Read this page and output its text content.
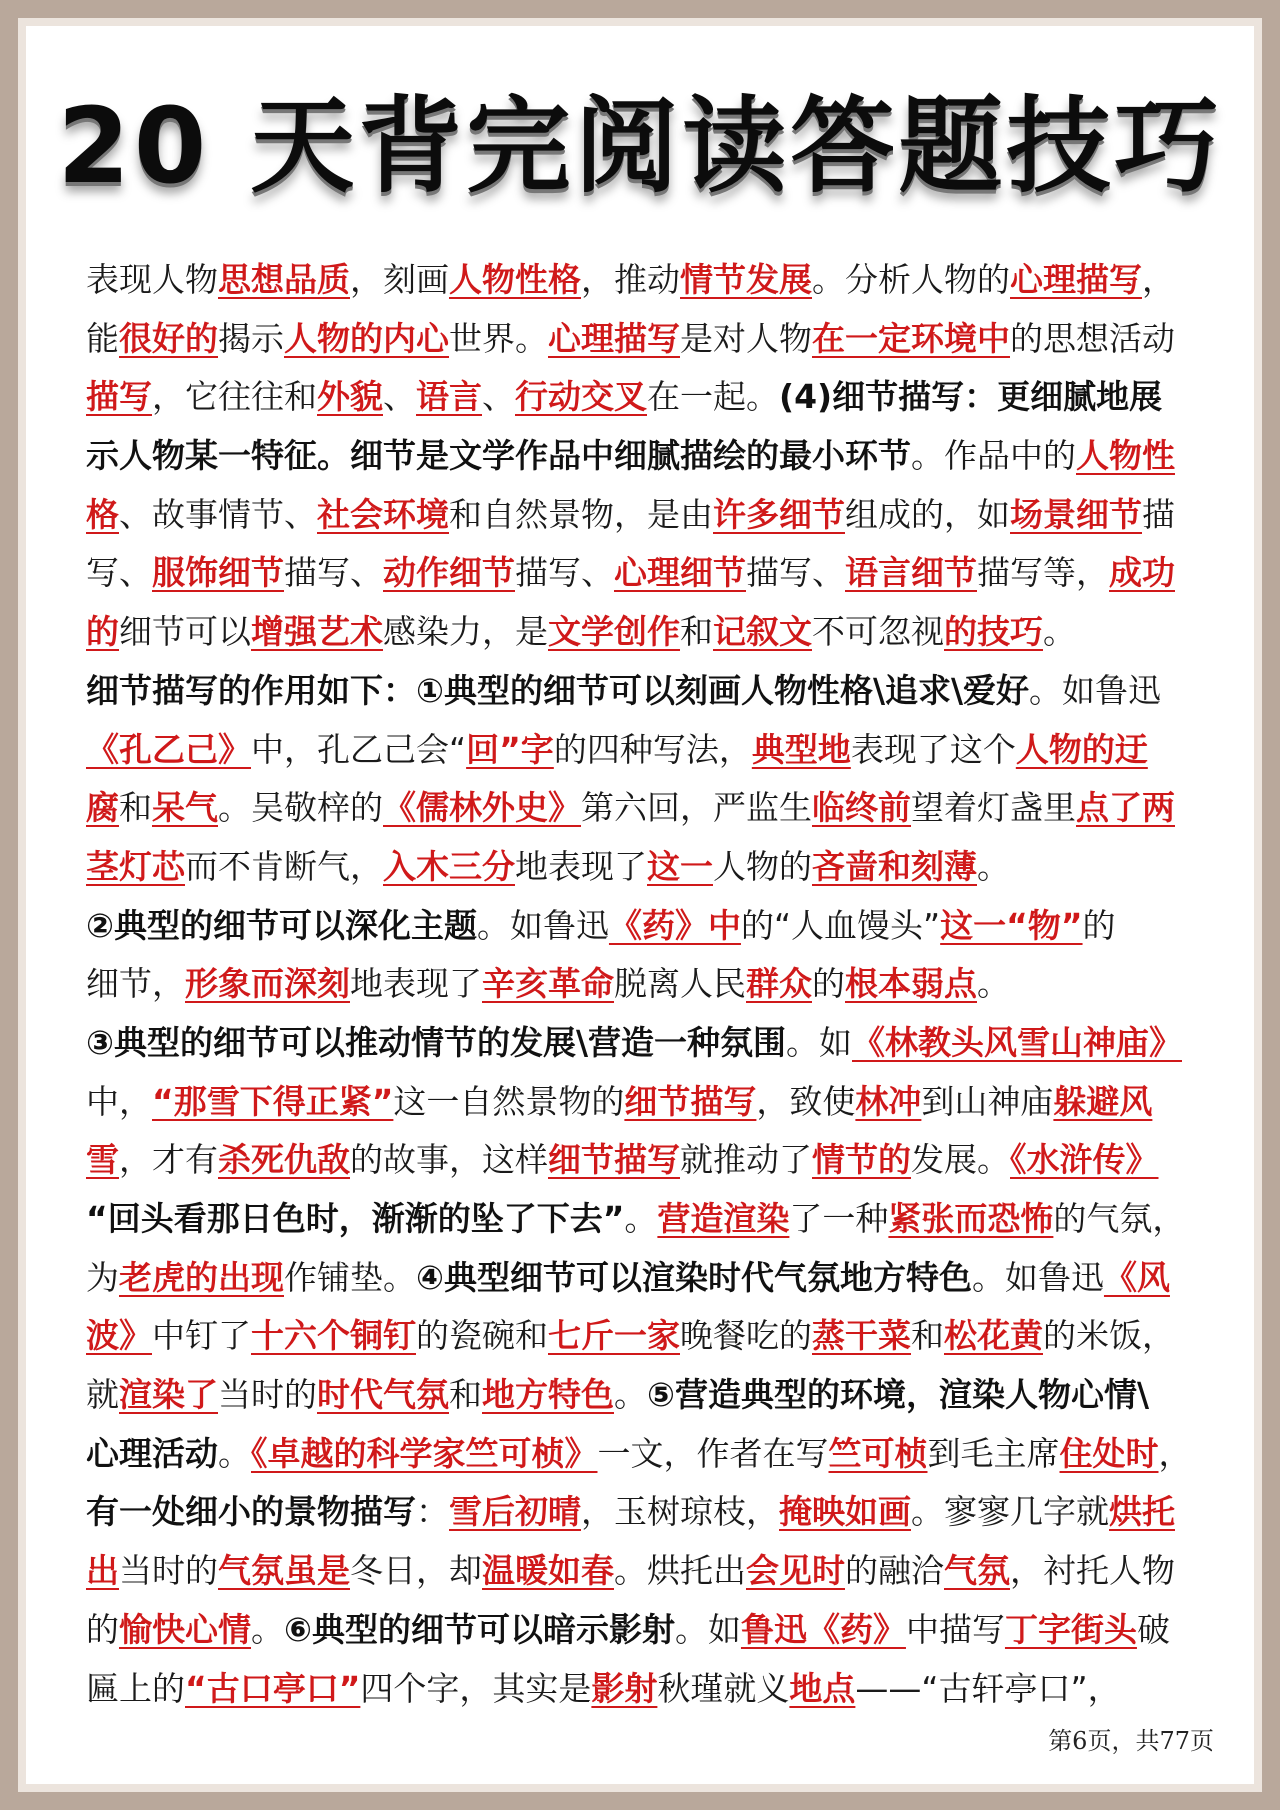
20 天背完阅读答题技巧
表现人物思想品质，刻画人物性格，推动情节发展。分析人物的心理描写，
能很好的揭示人物的内心世界。心理描写是对人物在一定环境中的思想活动
描写，它往往和外貌、语言、行动交叉在一起。(4)细节描写：更细腻地展
示人物某一特征。细节是文学作品中细腻描绘的最小环节。作品中的人物性
格、故事情节、社会环境和自然景物，是由许多细节组成的，如场景细节描
写、服饰细节描写、动作细节描写、心理细节描写、语言细节描写等，成功
的细节可以增强艺术感染力，是文学创作和记叙文不可忽视的技巧。
细节描写的作用如下：①典型的细节可以刻画人物性格\追求\爱好。如鲁迅
《孔乙己》中，孔乙己会“回”字的四种写法，典型地表现了这个人物的迂
腐和呆气。吴敬梓的《儒林外史》第六回，严监生临终前望着灯盏里点了两
茎灯芯而不肯断气，入木三分地表现了这一人物的吝啬和刻薄。
②典型的细节可以深化主题。如鲁迅《药》中的“人血馒头”这一“物”的
细节，形象而深刻地表现了辛亥革命脱离人民群众的根本弱点。
③典型的细节可以推动情节的发展\营造一种氛围。如《林教头风雪山神庙》
中，“那雪下得正紧”这一自然景物的细节描写，致使林冲到山神庙躲避风
雪，才有杀死仇敌的故事，这样细节描写就推动了情节的发展。《水浒传》
“回头看那日色时，渐渐的坠了下去”。营造渲染了一种紧张而恐怖的气氛，
为老虎的出现作铺垫。④典型细节可以渲染时代气氛地方特色。如鲁迅《风
波》中钉了十六个铜钉的瓷碗和七斤一家晚餐吃的蒸干菜和松花黄的米饭，
就渲染了当时的时代气氛和地方特色。⑤营造典型的环境，渲染人物心情\
心理活动。《卓越的科学家竺可桢》一文，作者在写竺可桢到毛主席住处时，
有一处细小的景物描写：雪后初晴，玉树琼枝，掩映如画。寥寥几字就烘托
出当时的气氛虽是冬日，却温暖如春。烘托出会见时的融洽气氛，衬托人物
的愉快心情。⑥典型的细节可以暗示影射。如鲁迅《药》中描写丁字街头破
匾上的“古口亭口”四个字，其实是影射秋瑾就义地点——“古轩亭口”，
第6页，共77页
